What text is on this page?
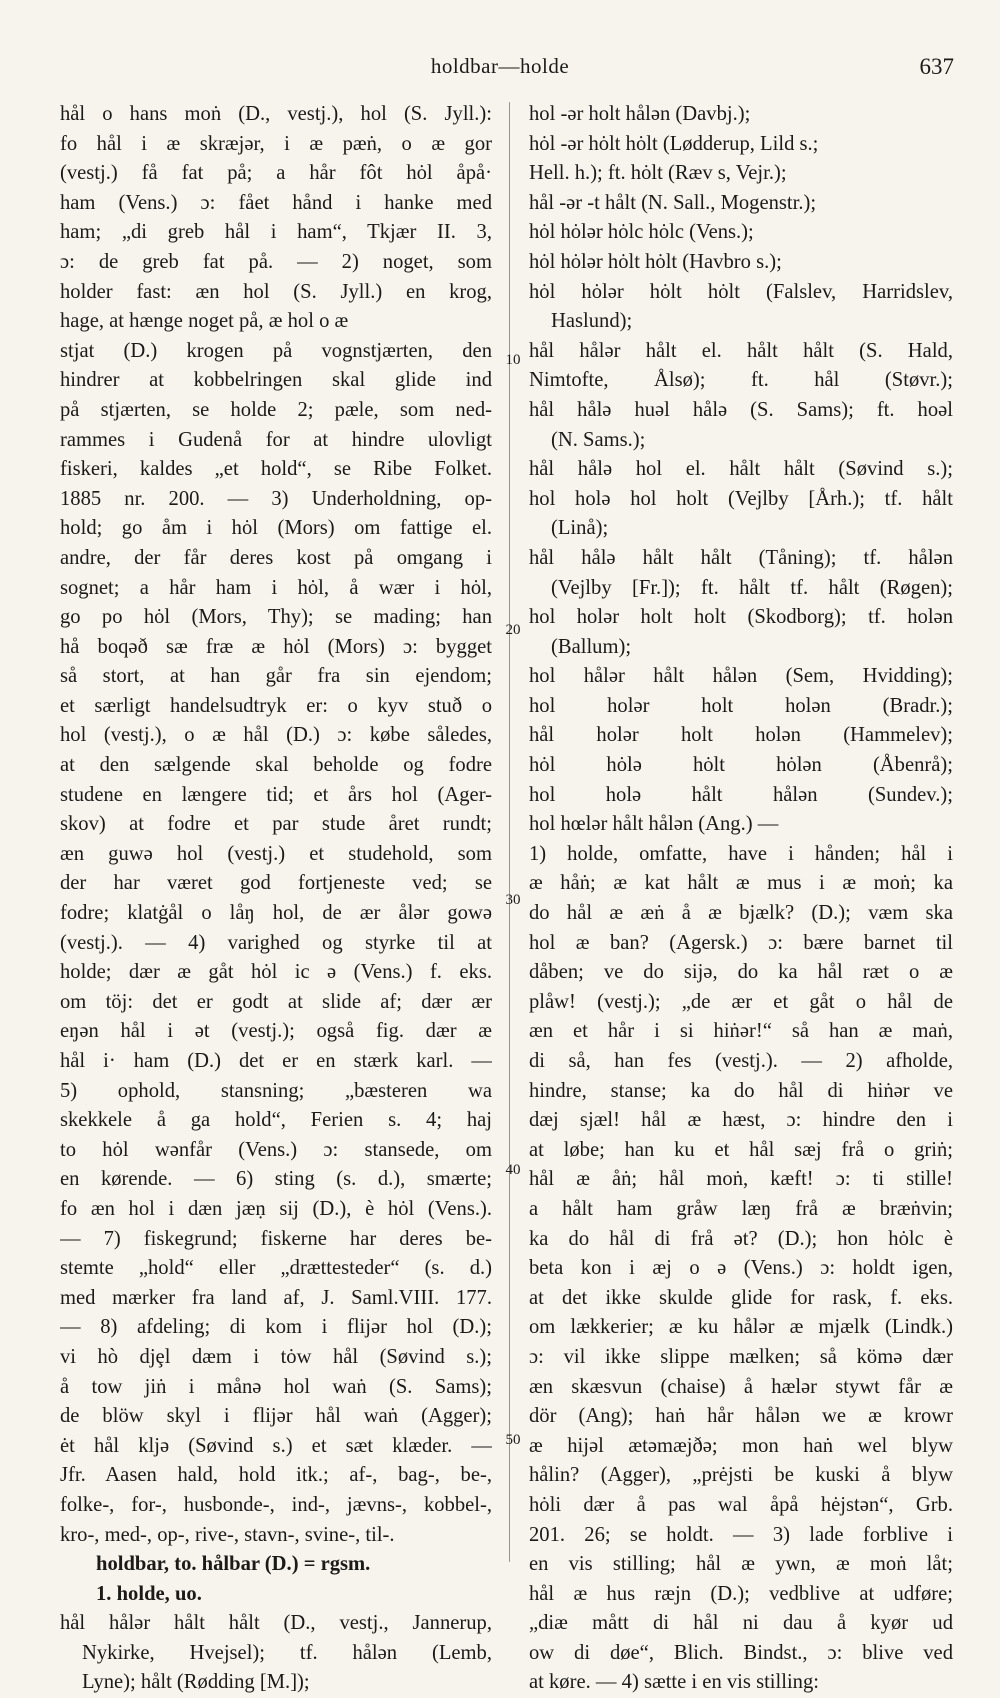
holdbar—holde	637

hål o hans moṅ (D., vestj.), hol (S. Jyll.):

fo hål i æ skræjər, i æ pæṅ, o æ gor

(vestj.) få fat på; a hår fôt hȯl åpå·

ham (Vens.) ɔ: fået hånd i hanke med

ham; „di greb hål i ham“, Tkjær II. 3,

ɔ: de greb fat på. — 2) noget, som

holder fast: æn hol (S. Jyll.) en krog,

hage, at hænge noget på, æ hol o æ

stjat (D.) krogen på vognstjærten, den

hindrer at kobbelringen skal glide ind

på stjærten, se holde 2; pæle, som ned-

rammes i Gudenå for at hindre ulovligt

fiskeri, kaldes „et hold“, se Ribe Folket.

1885 nr. 200. — 3) Underholdning, op-

hold; go åm i hȯl (Mors) om fattige el.

andre, der får deres kost på omgang i

sognet; a hår ham i hȯl, å wær i hȯl,

go po hȯl (Mors, Thy); se mading; han

hå boqəð sæ fræ æ hȯl (Mors) ɔ: bygget

så stort, at han går fra sin ejendom;

et særligt handelsudtryk er: o kyv stuð o

hol (vestj.), o æ hål (D.) ɔ: købe således,

at den sælgende skal beholde og fodre

studene en længere tid; et års hol (Ager-

skov) at fodre et par stude året rundt;

æn guwə hol (vestj.) et studehold, som

der har været god fortjeneste ved; se

fodre; klatġål o låŋ hol, de ær ålər gowə

(vestj.). — 4) varighed og styrke til at

holde; dær æ gåt hȯl ic ə (Vens.) f. eks.

om töj: det er godt at slide af; dær ær

eŋən hål i ət (vestj.); også fig. dær æ

hål i· ham (D.) det er en stærk karl. —

5) ophold, stansning; „bæsteren wa

skekkele å ga hold“, Ferien s. 4; haj

to hȯl wənfår (Vens.) ɔ: stansede, om

en kørende. — 6) sting (s. d.), smærte;

fo æn hol i dæn jæṇ sij (D.), è hȯl (Vens.).

— 7) fiskegrund; fiskerne har deres be-

stemte „hold“ eller „drættesteder“ (s. d.)

med mærker fra land af, J. Saml.VIII. 177.

— 8) afdeling; di kom i flijər hol (D.);

vi hò djȩl dæm i tȯw hål (Søvind s.);

å tow jiṅ i månə hol waṅ (S. Sams);

de blöw skyl i flijər hål waṅ (Agger);

ėt hål kljə (Søvind s.) et sæt klæder. —

Jfr. Aasen hald, hold itk.; af-, bag-, be-,

folke-, for-, husbonde-, ind-, jævns-, kobbel-,

kro-, med-, op-, rive-, stavn-, svine-, til-.

holdbar, to. hålbar (D.) = rgsm.

1. holde, uo.

hål hålər hålt hålt (D., vestj., Jannerup,

Nykirke, Hvejsel); tf. hålən (Lemb,

Lyne); hålt (Rødding [M.]);

hol -ər holt hålən (Davbj.);

hȯl -ər hȯlt hȯlt (Lødderup, Lild s.;

Hell. h.); ft. hȯlt (Ræv s, Vejr.);

hål -ər -t hålt (N. Sall., Mogenstr.);

hȯl hȯlər hȯlc hȯlc (Vens.);

hȯl hȯlər hȯlt hȯlt (Havbro s.);

hȯl hȯlər hȯlt hȯlt (Falslev, Harridslev,

Haslund);

hål hålər hålt el. hålt hålt (S. Hald,

Nimtofte, Ålsø); ft. hål (Støvr.);

hål hålə huəl hålə (S. Sams); ft. hoəl

(N. Sams.);

hål hålə hol el. hålt hålt (Søvind s.);

hol holə hol holt (Vejlby [Årh.); tf. hålt

(Linå);

hål hålə hålt hålt (Tåning); tf. hålən

(Vejlby [Fr.]); ft. hålt tf. hålt (Røgen);

hol holər holt holt (Skodborg); tf. holən

(Ballum);

hol hålər hålt hålən (Sem, Hvidding);

hol holər holt holən (Bradr.);

hål holər holt holən (Hammelev);

hȯl hȯlə hȯlt hȯlən (Åbenrå);

hol holə hålt hålən (Sundev.);

hol hœlər hålt hålən (Ang.) —

1) holde, omfatte, have i hånden; hål i

æ håṅ; æ kat hålt æ mus i æ moṅ; ka

do hål æ æṅ å æ bjælk? (D.); væm ska

hol æ ban? (Agersk.) ɔ: bære barnet til

dåben; ve do sijə, do ka hål ræt o æ

plåw! (vestj.); „de ær et gåt o hål de

æn et hår i si hiṅər!“ så han æ maṅ,

di så, han fes (vestj.). — 2) afholde,

hindre, stanse; ka do hål di hiṅər ve

dæj sjæl! hål æ hæst, ɔ: hindre den i

at løbe; han ku et hål sæj frå o griṅ;

hål æ åṅ; hål moṅ, kæft! ɔ: ti stille!

a hålt ham gråw læŋ frå æ bræṅvin;

ka do hål di frå ət? (D.); hon hȯlc è

beta kon i æj o ə (Vens.) ɔ: holdt igen,

at det ikke skulde glide for rask, f. eks.

om lækkerier; æ ku hålər æ mjælk (Lindk.)

ɔ: vil ikke slippe mælken; så kömə dær

æn skæsvun (chaise) å hælər stywt får æ

dör (Ang); haṅ hår hålən we æ krowr

æ hijəl ætəmæjðə; mon haṅ wel blyw

hålin? (Agger), „prėjsti be kuski å blyw

hȯli dær å pas wal åpå hėjstən“, Grb.

201. 26; se holdt. — 3) lade forblive i

en vis stilling; hål æ ywn, æ moṅ låt;

hål æ hus ræjn (D.); vedblive at udføre;

„diæ mått di hål ni dau å kyør ud

ow di døe“, Blich. Bindst., ɔ: blive ved

at køre. — 4) sætte i en vis stilling:

10
20
30
40
50
